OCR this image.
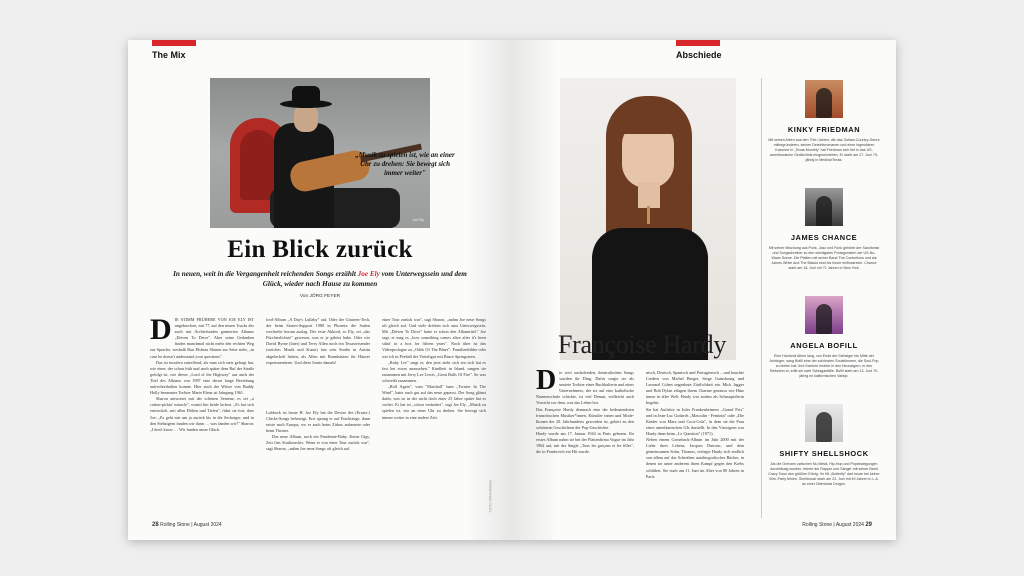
The Mix
Joe Ely
Ein Blick zurück
In neuen, weit in die Vergangenheit reichenden Songs erzählt Joe Ely vom Unterwegssein und dem Glück, wieder nach Hause zu kommen
Von JÖRG FEYER

DIE STIMM FRÜHERE VON JOE ELY IST ungebrochen, mit 77, auf den neuen Tracks des auch mit Archivfunden garnierten Albums „Driven To Drive". Aber seine Gedanken finden manchmal nicht mehr den rechten Weg zur Sprache, weshalb Ron Elsbrau Sharon zur Seite steht, „in case he doesn't understand your questions".

Das ist insofern zutreffend, als man sich stets gefragt hat, wie einer, der schon früh und auch später dem Ruf der Straße gefolgt ist, wie dieser „Lord of the Highway" aus auch der Titel des Albums von 1987 eine derart lange Beziehung aufrechterhalten konnte. Hier auch der Witwe von Buddy Holly benannter Tochter Marie Elena ist Jahrgang 1961.

Sharon antwortet mit der schönen Sentenz, es sei „a cotton-pickin' miracle", womit bin beide lachen. „Es hat sich entwickelt, mit allen Höhen und Tiefen", führt sie fort, dass Joe: „Es geht mir um ja zurück bis in die Sechziger, und in den Siebzigern fanden wir dann … was fanden wir?" Sharon: „I don't know … Wir fanden unser Glück.

ford-Album „A Day's Lullaby" auf. Oder der Gitarren-Tech, der beim Stones-Support 1980 in Phoenix die Saiten wechselte herum auslag. Der erste Akkord, so Ely, sei „das Fürchterlichste" gewesen, was er je gehört habe. Oder wie David Byrne (later) und Terry Allen noch ein Texasreisender (weiches Musik und Kunst) fast sein Studio in Austin abgefackelt hätten, als Allen mit Brandsätzen für Häuser experimentierte. Und diese Ironie damals!

Lubbock ist heute H. Joe Ely hat die Devise des (Ersatz-) Chicks-Songs beherzigt. Erst sprang er auf Frachtzüge, dann reiste nach Europa, wo er auch beim Zirkus anheuerte oder beim Theater.

Das neue Album, noch ein Pandemie-Baby. Keine Gigs, Zeit fürs Studioarchiv. Wenn er von einer Tour zurück war", sagt Sharon, „nahm Joe neue Songs oft gleich auf.

einer Tour zurück war", sagt Sharon, „nahm Joe neue Songs oft gleich auf. Und viele drehten sich ums Unterwegssein. Mit „Driven To Drive" hatte er schon den Albumtitel." Joe sagt, er mag es „how something comes alive after it's been sittin' in a box for fifteen years". Noch über ist das Videoprologue zu „Odds Of The Blues": Familienbilder oder wie ich in Peeball der Vaterfigur mit Bruce Springsteen.

„Ruby Lee" singt er, den jetzt zieht sich ein sich hat es fest bei etwas anzusehen." Kindheit in Irland, sangen sie zusammen mit Jerry Lee Lewis „Great Balls Of Fire". So was schweißt zusammen.

„Roll Again", vom "Marshall" ham „Twister In The Wind", hatte auch gut auf das neue gepasst. Der Song glänzt dafür, was ist in der nicht doch einer 25 Jahre später hat es vorbei. Er hat ist „schon verändert", sagt Joe Ely. „Musik zu spielen ist, wie an einer Uhr zu drehen. Sie bewegt sich immer weiter in eine andere Zeit.

„Musik zu spielen ist, wie an einer Uhr zu drehen: Sie bewegt sich immer weiter"
FOTO: MONA BRAGG
28 Rolling Stone | August 2024
Abschiede
Françoise Hardy

Die weit ausholenden, theatralischen Songs wurden ihr Ding. Dafür sorgte sie als unstete Tochter einer Buchhalterin und eines Unternehmers, der sie auf eine katholische Nonnenschule schickte, ist viel Demut, vielleicht auch Vorsicht vor dem, was das Leben bot.

Das Françoise Hardy demnach eine der bedeutendsten französischen Musiker*innen, Künstler innen und Mode-Ikonen der 20. Jahrhunderts geworden ist, gehört zu den schönsten Geschichten der Pop-Geschichte.

Hardy wurde am 17. Januar 1944 in Paris geboren. Ihr erstes Album nahm sie bei der Plattenfirma Vogue im Jahr 1962 auf, mit der Single „Tous les garçons et les filles", die in Frankreich ein Hit wurde.

nisch, Deutsch, Spanisch und Portugiesisch – und hauchte Liedern von Michel Berger, Serge Gainsbourg und Leonard Cohen ungeahnte Zärtlichkeit ein. Mick Jagger und Bob Dylan erlagen ihrem Charme genauso wie Hinz innen in aller Welt. Hardy war zudem als Schauspielerin begehrt.

Sie hat Auftritte in Jules Frankenheimers „Grand Prix" und in Jean-Luc Godards „Masculin - Feminin" oder „Die Kinder von Marx und Coca-Cola", in dem sie die Frau eines amerikanischen GIs darstellt. In den Vierzigern war Hardy dann beim „Le Question" (1971).

Neben einem Comeback-Album im Jahr 2000 mit der Liebe ihres Lebens, Jacques Dutronc, und dem gemeinsamen Sohn, Thomas, verlegte Hardy sich endlich von allem auf das Schreiben autobiografischer Bücher, in denen sie unter anderem ihren Kampf gegen den Krebs schildert. Sie starb am 11. Juni im Alter von 80 Jahren in Paris.

KINKY FRIEDMAN
Mit seinen Alben aus den 70er-Jahren, die das Outlaw-Country-Genre mitbegründeten, seinen Detektivromanen und einer legendären Kolumne in „Texas Monthly" hat Friedman sich tief in das US-amerikanische Gedächtnis eingeschrieben. Er starb am 27. Juni 79-jährig in Medina/Texas.
JAMES CHANCE
Mit seiner Mischung aus Punk, Jazz und Funk gehörte der Saxofonist und Songschreiber zu den wichtigsten Protagonisten der US-No-Wave-Szene. Die Platten mit seiner Band The Contortions und als James White And The Blacks sind bis heute einflussreich. Chance starb am 18. Juni mit 71 Jahren in New York.
ANGELA BOFILL
Eine Handvoll Alben lang, von Ende der Siebziger bis Mitte der Achtziger, sang Bofill eine der schönsten Soulstimmen, die Soul-Pop zu bieten hat. Ihre Karriere endete in den Neunzigern, in den Siebzehn er, erlitt sie zwei Schlaganfälle. Bofill starb am 13. Juni 70-jährig im kalifornischen Vallejo.
SHIFTY SHELLSHOCK
Als die Grenzen zwischen Nu Metal, Hip-Hop und Popbewegungen durchlässig wurden, feierte der Rapper und Sänger mit seiner Band Crazy Town den größten Erfolg. Ihr Hit „Butterfly" darf heute bei keiner 00er-Party fehlen. Shellshock starb am 24. Juni mit 49 Jahren in L.A. an einer Überdosis Drogen.
Rolling Stone | August 2024 29
